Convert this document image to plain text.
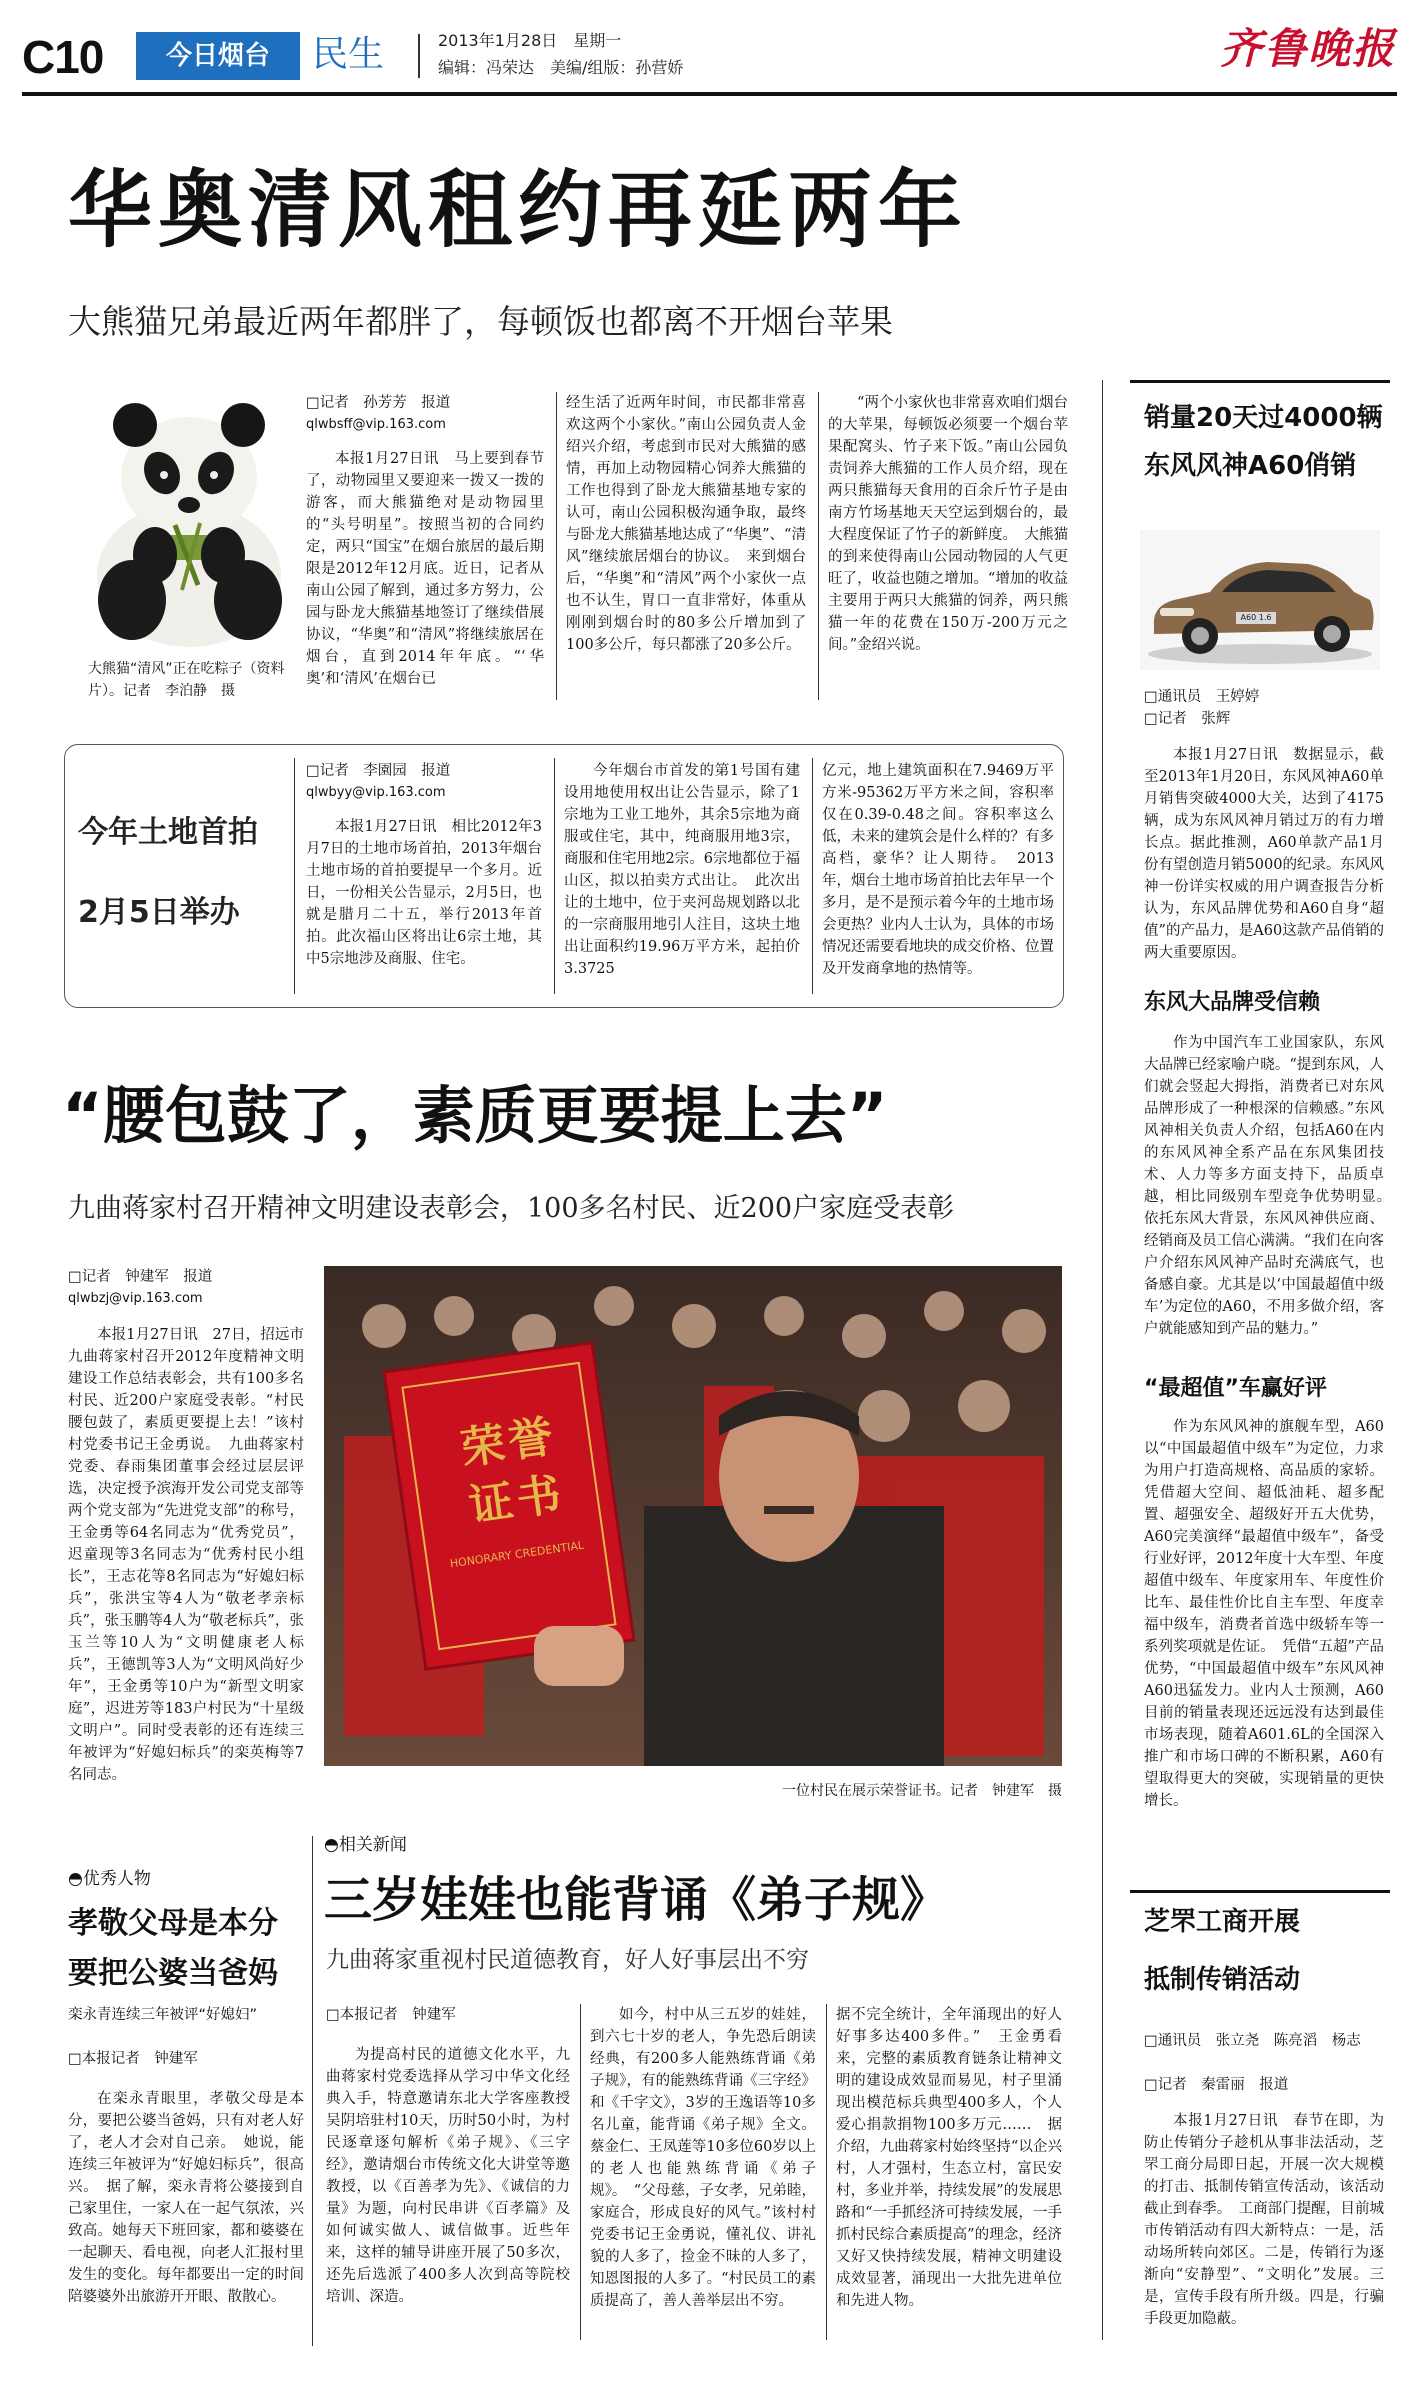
C10	今日烟台	民生	2013年1月28日　星期一
编辑：冯荣达　美编/组版：孙营娇	齐鲁晚报
华奥清风租约再延两年
大熊猫兄弟最近两年都胖了，每顿饭也都离不开烟台苹果
大熊猫“清风”正在吃粽子（资料片）。记者　李泊静　摄
□记者　孙芳芳　报道
qlwbsff@vip.163.com

本报1月27日讯　马上要到春节了，动物园里又要迎来一拨又一拨的游客，而大熊猫绝对是动物园里的“头号明星”。按照当初的合同约定，两只“国宝”在烟台旅居的最后期限是2012年12月底。近日，记者从南山公园了解到，通过多方努力，公园与卧龙大熊猫基地签订了继续借展协议，“华奥”和“清风”将继续旅居在烟台，直到2014年年底。“‘华奥’和‘清风’在烟台已

经生活了近两年时间，市民都非常喜欢这两个小家伙。”南山公园负责人金绍兴介绍，考虑到市民对大熊猫的感情，再加上动物园精心饲养大熊猫的工作也得到了卧龙大熊猫基地专家的认可，南山公园积极沟通争取，最终与卧龙大熊猫基地达成了“华奥”、“清风”继续旅居烟台的协议。　来到烟台后，“华奥”和“清风”两个小家伙一点也不认生，胃口一直非常好，体重从刚刚到烟台时的80多公斤增加到了100多公斤，每只都涨了20多公斤。

“两个小家伙也非常喜欢咱们烟台的大苹果，每顿饭必须要一个烟台苹果配窝头、竹子来下饭。”南山公园负责饲养大熊猫的工作人员介绍，现在两只熊猫每天食用的百余斤竹子是由南方竹场基地天天空运到烟台的，最大程度保证了竹子的新鲜度。　大熊猫的到来使得南山公园动物园的人气更旺了，收益也随之增加。“增加的收益主要用于两只大熊猫的饲养，两只熊猫一年的花费在150万-200万元之间。”金绍兴说。

今年土地首拍
2月5日举办
□记者　李園园　报道
qlwbyy@vip.163.com

本报1月27日讯　相比2012年3月7日的土地市场首拍，2013年烟台土地市场的首拍要提早一个多月。近日，一份相关公告显示，2月5日，也就是腊月二十五，举行2013年首拍。此次福山区将出让6宗土地，其中5宗地涉及商服、住宅。

今年烟台市首发的第1号国有建设用地使用权出让公告显示，除了1宗地为工业工地外，其余5宗地为商服或住宅，其中，纯商服用地3宗，商服和住宅用地2宗。6宗地都位于福山区，拟以拍卖方式出让。　此次出让的土地中，位于夹河岛规划路以北的一宗商服用地引人注目，这块土地出让面积约19.96万平方米，起拍价3.3725

亿元，地上建筑面积在7.9469万平方米-95362万平方米之间，容积率仅在0.39-0.48之间。容积率这么低，未来的建筑会是什么样的？有多高档，豪华？让人期待。　2013年，烟台土地市场首拍比去年早一个多月，是不是预示着今年的土地市场会更热？业内人士认为，具体的市场情况还需要看地块的成交价格、位置及开发商拿地的热情等。

“腰包鼓了，素质更要提上去”
九曲蒋家村召开精神文明建设表彰会，100多名村民、近200户家庭受表彰
□记者　钟建军　报道
qlwbzj@vip.163.com

本报1月27日讯　27日，招远市九曲蒋家村召开2012年度精神文明建设工作总结表彰会，共有100多名村民、近200户家庭受表彰。“村民腰包鼓了，素质更要提上去！”该村村党委书记王金勇说。　九曲蒋家村党委、春雨集团董事会经过层层评选，决定授予滨海开发公司党支部等两个党支部为“先进党支部”的称号，王金勇等64名同志为“优秀党员”，迟童现等3名同志为“优秀村民小组长”，王志花等8名同志为“好媳妇标兵”，张洪宝等4人为“敬老孝亲标兵”，张玉鹏等4人为“敬老标兵”，张玉兰等10人为“文明健康老人标兵”，王德凯等3人为“文明风尚好少年”，王金勇等10户为“新型文明家庭”，迟进芳等183户村民为“十星级文明户”。同时受表彰的还有连续三年被评为“好媳妇标兵”的栾英梅等7名同志。

荣誉证书
HONORARY CREDENTIAL
一位村民在展示荣誉证书。记者　钟建军　摄
◓优秀人物
孝敬父母是本分
要把公婆当爸妈
栾永青连续三年被评“好媳妇”
□本报记者　钟建军

在栾永青眼里，孝敬父母是本分，要把公婆当爸妈，只有对老人好了，老人才会对自己亲。　她说，能连续三年被评为“好媳妇标兵”，很高兴。　据了解，栾永青将公婆接到自己家里住，一家人在一起气氛浓，兴致高。她每天下班回家，都和婆婆在一起聊天、看电视，向老人汇报村里发生的变化。每年都要出一定的时间陪婆婆外出旅游开开眼、散散心。

◓相关新闻
三岁娃娃也能背诵《弟子规》
九曲蒋家重视村民道德教育，好人好事层出不穷
□本报记者　钟建军

为提高村民的道德文化水平，九曲蒋家村党委选择从学习中华文化经典入手，特意邀请东北大学客座教授吴阴培驻村10天，历时50小时，为村民逐章逐句解析《弟子规》、《三字经》，邀请烟台市传统文化大讲堂等邀教授，以《百善孝为先》、《诚信的力量》为题，向村民串讲《百孝篇》及如何诚实做人、诚信做事。近些年来，这样的辅导讲座开展了50多次，还先后选派了400多人次到高等院校培训、深造。

如今，村中从三五岁的娃娃，到六七十岁的老人，争先恐后朗读经典，有200多人能熟练背诵《弟子规》，有的能熟练背诵《三字经》和《千字文》，3岁的王逸语等10多名儿童，能背诵《弟子规》全文。蔡金仁、王凤莲等10多位60岁以上的老人也能熟练背诵《弟子规》。　“父母慈，子女孝，兄弟睦，家庭合，形成良好的风气。”该村村党委书记王金勇说，懂礼仪、讲礼貌的人多了，捡金不昧的人多了，知恩图报的人多了。“村民员工的素质提高了，善人善举层出不穷。

据不完全统计，全年涌现出的好人好事多达400多件。”　王金勇看来，完整的素质教育链条让精神文明的建设成效显而易见，村子里涌现出模范标兵典型400多人，个人爱心捐款捐物100多万元……　据介绍，九曲蒋家村始终坚持“以企兴村，人才强村，生态立村，富民安村，多业并举，持续发展”的发展思路和“一手抓经济可持续发展，一手抓村民综合素质提高”的理念，经济又好又快持续发展，精神文明建设成效显著，涌现出一大批先进单位和先进人物。

销量20天过4000辆
东风风神A60俏销
A60 1.6
□通讯员　王婷婷
□记者　张辉

本报1月27日讯　数据显示，截至2013年1月20日，东风风神A60单月销售突破4000大关，达到了4175辆，成为东风风神月销过万的有力增长点。据此推测，A60单款产品1月份有望创造月销5000的纪录。东风风神一份详实权威的用户调查报告分析认为，东风品牌优势和A60自身“超值”的产品力，是A60这款产品俏销的两大重要原因。

东风大品牌受信赖

作为中国汽车工业国家队，东风大品牌已经家喻户晓。“提到东风，人们就会竖起大拇指，消费者已对东风品牌形成了一种根深的信赖感。”东风风神相关负责人介绍，包括A60在内的东风风神全系产品在东风集团技术、人力等多方面支持下，品质卓越，相比同级别车型竞争优势明显。　依托东风大背景，东风风神供应商、经销商及员工信心满满。“我们在向客户介绍东风风神产品时充满底气，也备感自豪。尤其是以‘中国最超值中级车’为定位的A60，不用多做介绍，客户就能感知到产品的魅力。”

“最超值”车赢好评

作为东风风神的旗舰车型，A60以“中国最超值中级车”为定位，力求为用户打造高规格、高品质的家轿。凭借超大空间、超低油耗、超多配置、超强安全、超级好开五大优势，A60完美演绎“最超值中级车”，备受行业好评，2012年度十大车型、年度超值中级车、年度家用车、年度性价比车、最佳性价比自主车型、年度幸福中级车，消费者首选中级轿车等一系列奖项就是佐证。　凭借“五超”产品优势，“中国最超值中级车”东风风神A60迅猛发力。业内人士预测，A60目前的销量表现还远远没有达到最佳市场表现，随着A601.6L的全国深入推广和市场口碑的不断积累，A60有望取得更大的突破，实现销量的更快增长。

芝罘工商开展
抵制传销活动
□通讯员　张立尧　陈亮滔　杨志
□记者　秦雷丽　报道

本报1月27日讯　春节在即，为防止传销分子趁机从事非法活动，芝罘工商分局即日起，开展一次大规模的打击、抵制传销宣传活动，该活动截止到春季。　工商部门提醒，目前城市传销活动有四大新特点：一是，活动场所转向郊区。二是，传销行为逐渐向“安静型”、“文明化”发展。三是，宣传手段有所升级。四是，行骗手段更加隐蔽。
